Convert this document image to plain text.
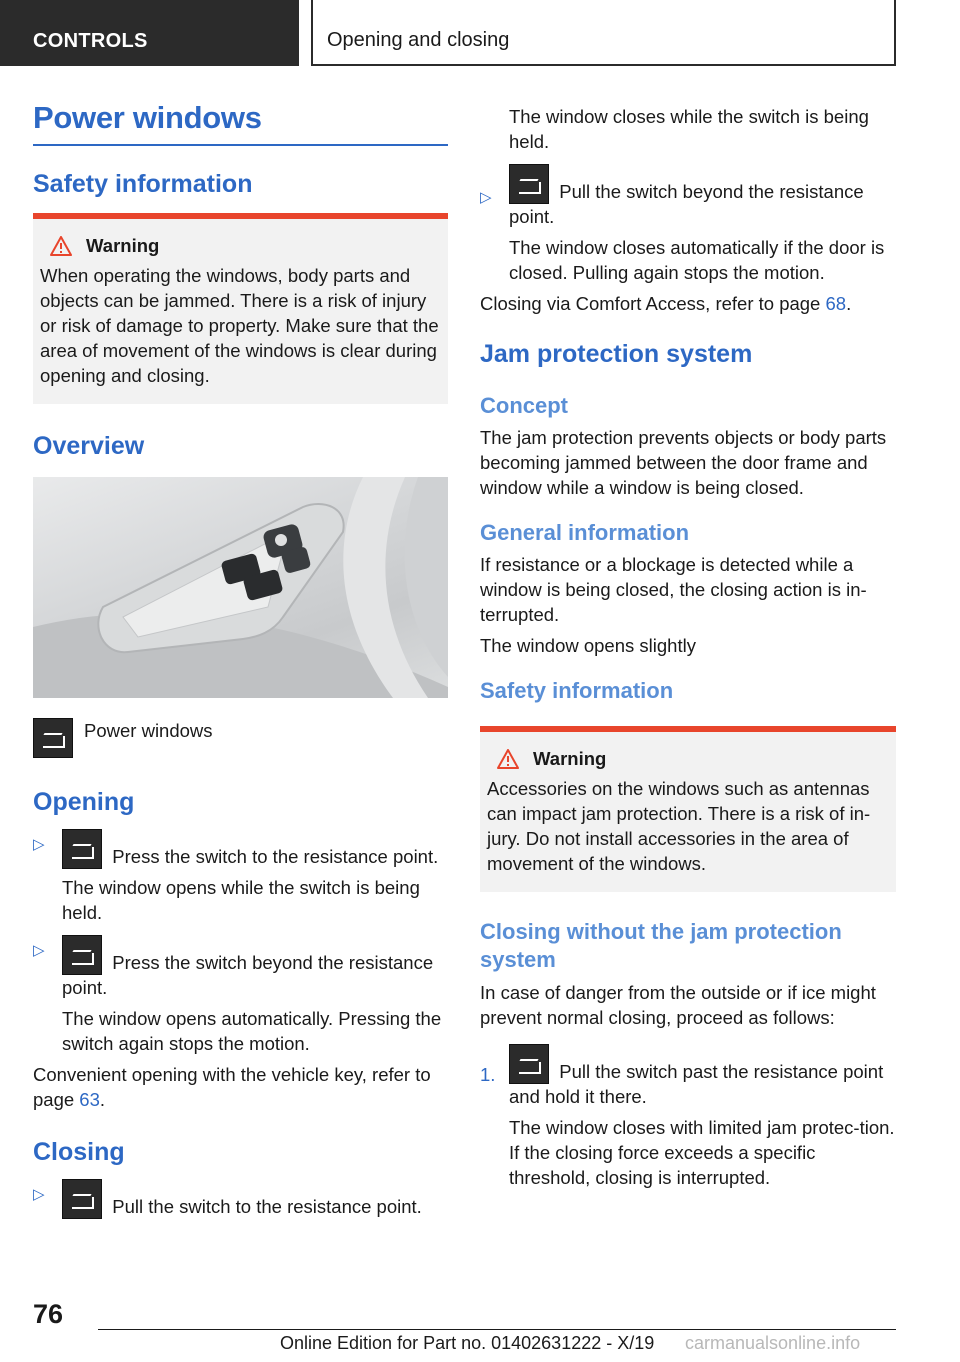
CONTROLS	Opening and closing
Power windows
Safety information
Warning

When operating the windows, body parts and objects can be jammed. There is a risk of injury or risk of damage to property. Make sure that the area of movement of the windows is clear during opening and closing.

Overview
Power windows
Opening
▷

Press the switch to the resistance point.

The window opens while the switch is being held.

▷

Press the switch beyond the resistance point.

The window opens automatically. Pressing the switch again stops the motion.

Convenient opening with the vehicle key, refer to page 63.

Closing
▷

Pull the switch to the resistance point.

The window closes while the switch is being held.

▷	Pull the switch beyond the resistance point.

The window closes automatically if the door is closed. Pulling again stops the motion.

Closing via Comfort Access, refer to page 68.

Jam protection system
Concept

The jam protection prevents objects or body parts becoming jammed between the door frame and window while a window is being closed.

General information

If resistance or a blockage is detected while a window is being closed, the closing action is in-terrupted.

The window opens slightly

Safety information
Warning

Accessories on the windows such as antennas can impact jam protection. There is a risk of in-jury. Do not install accessories in the area of movement of the windows.

Closing without the jam protection system

In case of danger from the outside or if ice might prevent normal closing, proceed as follows:

1.	Pull the switch past the resistance point and hold it there.

The window closes with limited jam protec-tion. If the closing force exceeds a specific threshold, closing is interrupted.

76
Online Edition for Part no. 01402631222 - X/19 carmanualsonline.info
